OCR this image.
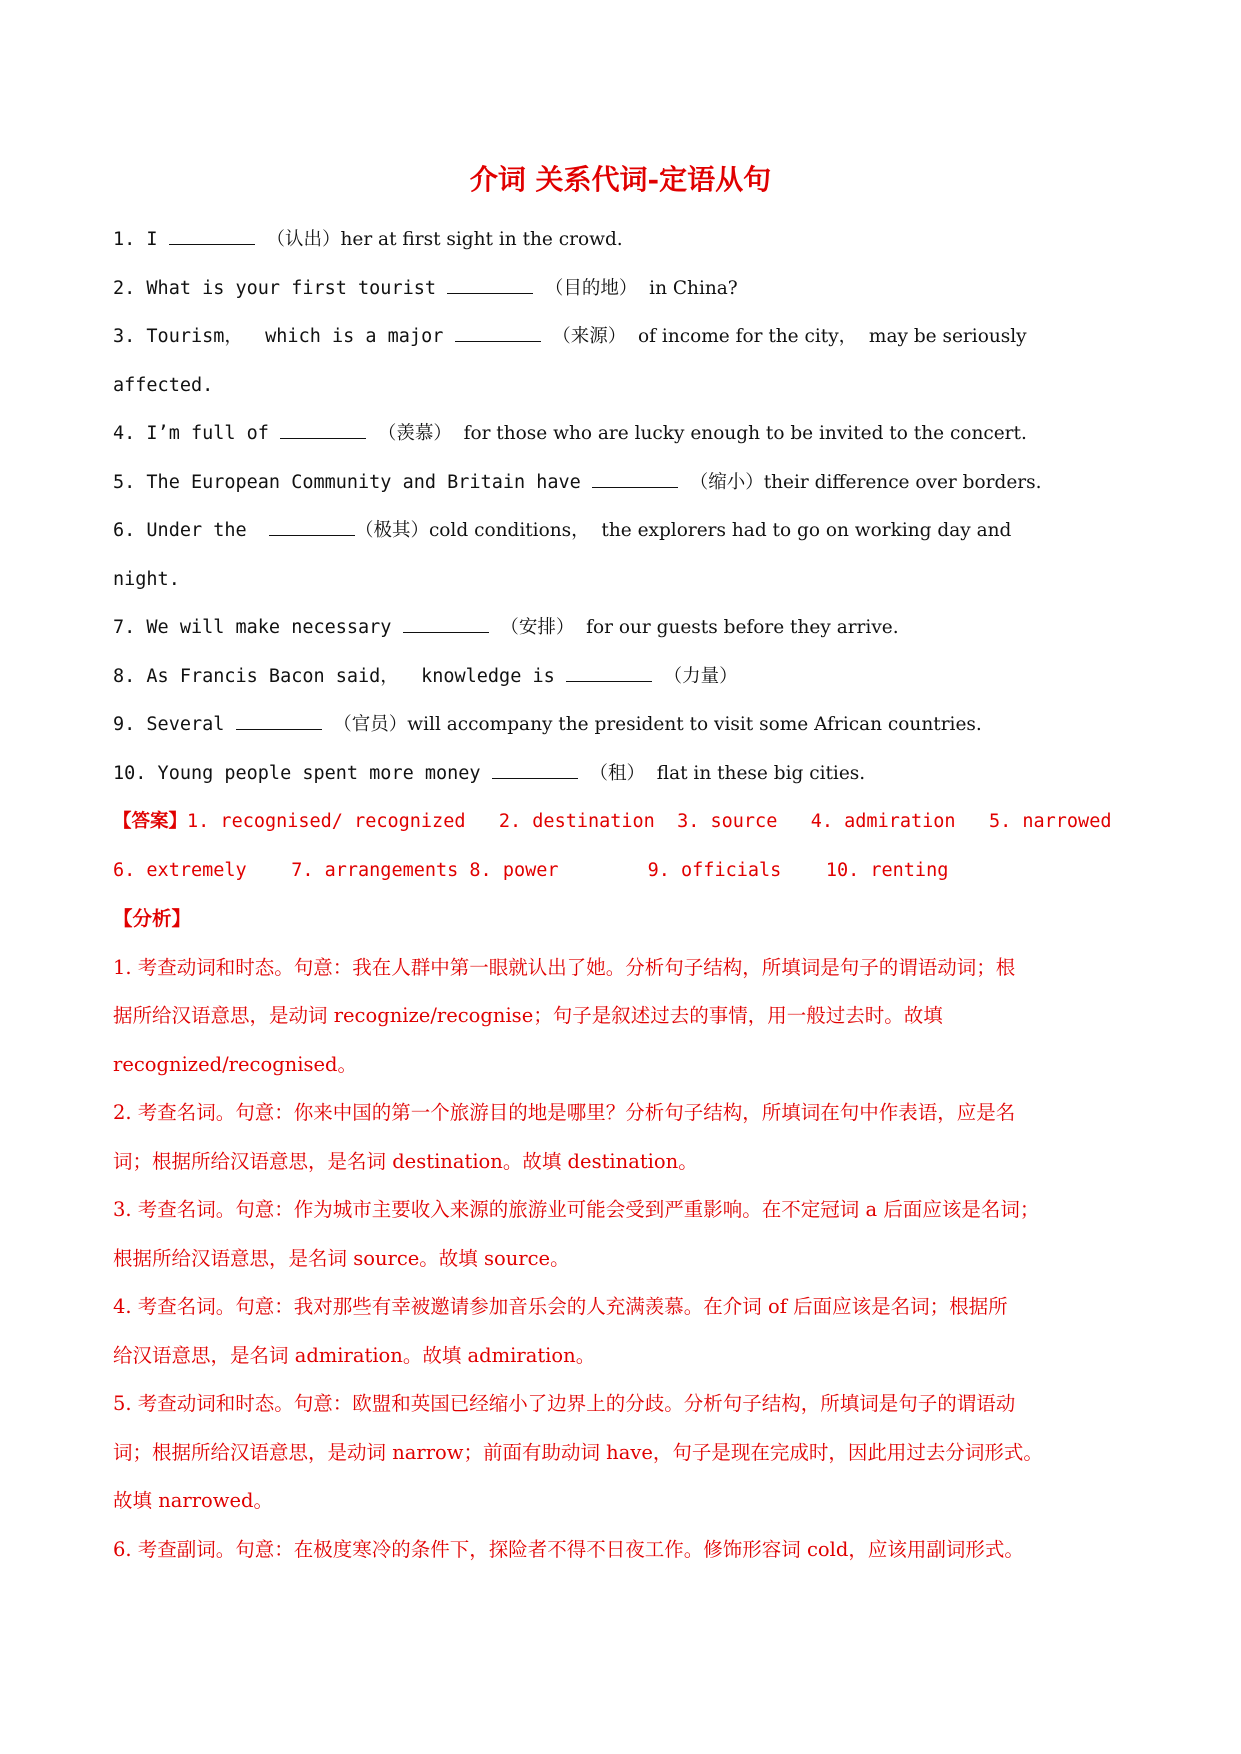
介词 关系代词-定语从句
1. I	（认出）her at first sight in the crowd.
2. What is your first tourist	（目的地）  in China?
3. Tourism，  which is a major	（来源）  of income for the city，  may be seriously
affected.
4. I’m full of	（羡慕）  for those who are lucky enough to be invited to the concert.
5. The European Community and Britain have	（缩小）their difference over borders.
6. Under the	（极其）cold conditions，  the explorers had to go on working day and
night.
7. We will make necessary	（安排）  for our guests before they arrive.
8. As Francis Bacon said，  knowledge is	（力量）
9. Several	（官员）will accompany the president to visit some African countries.
10. Young people spent more money	（租）  flat in these big cities.
【答案】1. recognised/ recognized   2. destination  3. source   4. admiration   5. narrowed
6. extremely    7. arrangements 8. power        9. officials    10. renting
【分析】
1. 考查动词和时态。句意：我在人群中第一眼就认出了她。分析句子结构，所填词是句子的谓语动词；根
据所给汉语意思，是动词 recognize/recognise；句子是叙述过去的事情，用一般过去时。故填
recognized/recognised。
2. 考查名词。句意：你来中国的第一个旅游目的地是哪里？分析句子结构，所填词在句中作表语，应是名
词；根据所给汉语意思，是名词 destination。故填 destination。
3. 考查名词。句意：作为城市主要收入来源的旅游业可能会受到严重影响。在不定冠词 a 后面应该是名词；
根据所给汉语意思，是名词 source。故填 source。
4. 考查名词。句意：我对那些有幸被邀请参加音乐会的人充满羡慕。在介词 of 后面应该是名词；根据所
给汉语意思，是名词 admiration。故填 admiration。
5. 考查动词和时态。句意：欧盟和英国已经缩小了边界上的分歧。分析句子结构，所填词是句子的谓语动
词；根据所给汉语意思，是动词 narrow；前面有助动词 have，句子是现在完成时，因此用过去分词形式。
故填 narrowed。
6. 考查副词。句意：在极度寒冷的条件下，探险者不得不日夜工作。修饰形容词 cold，应该用副词形式。
